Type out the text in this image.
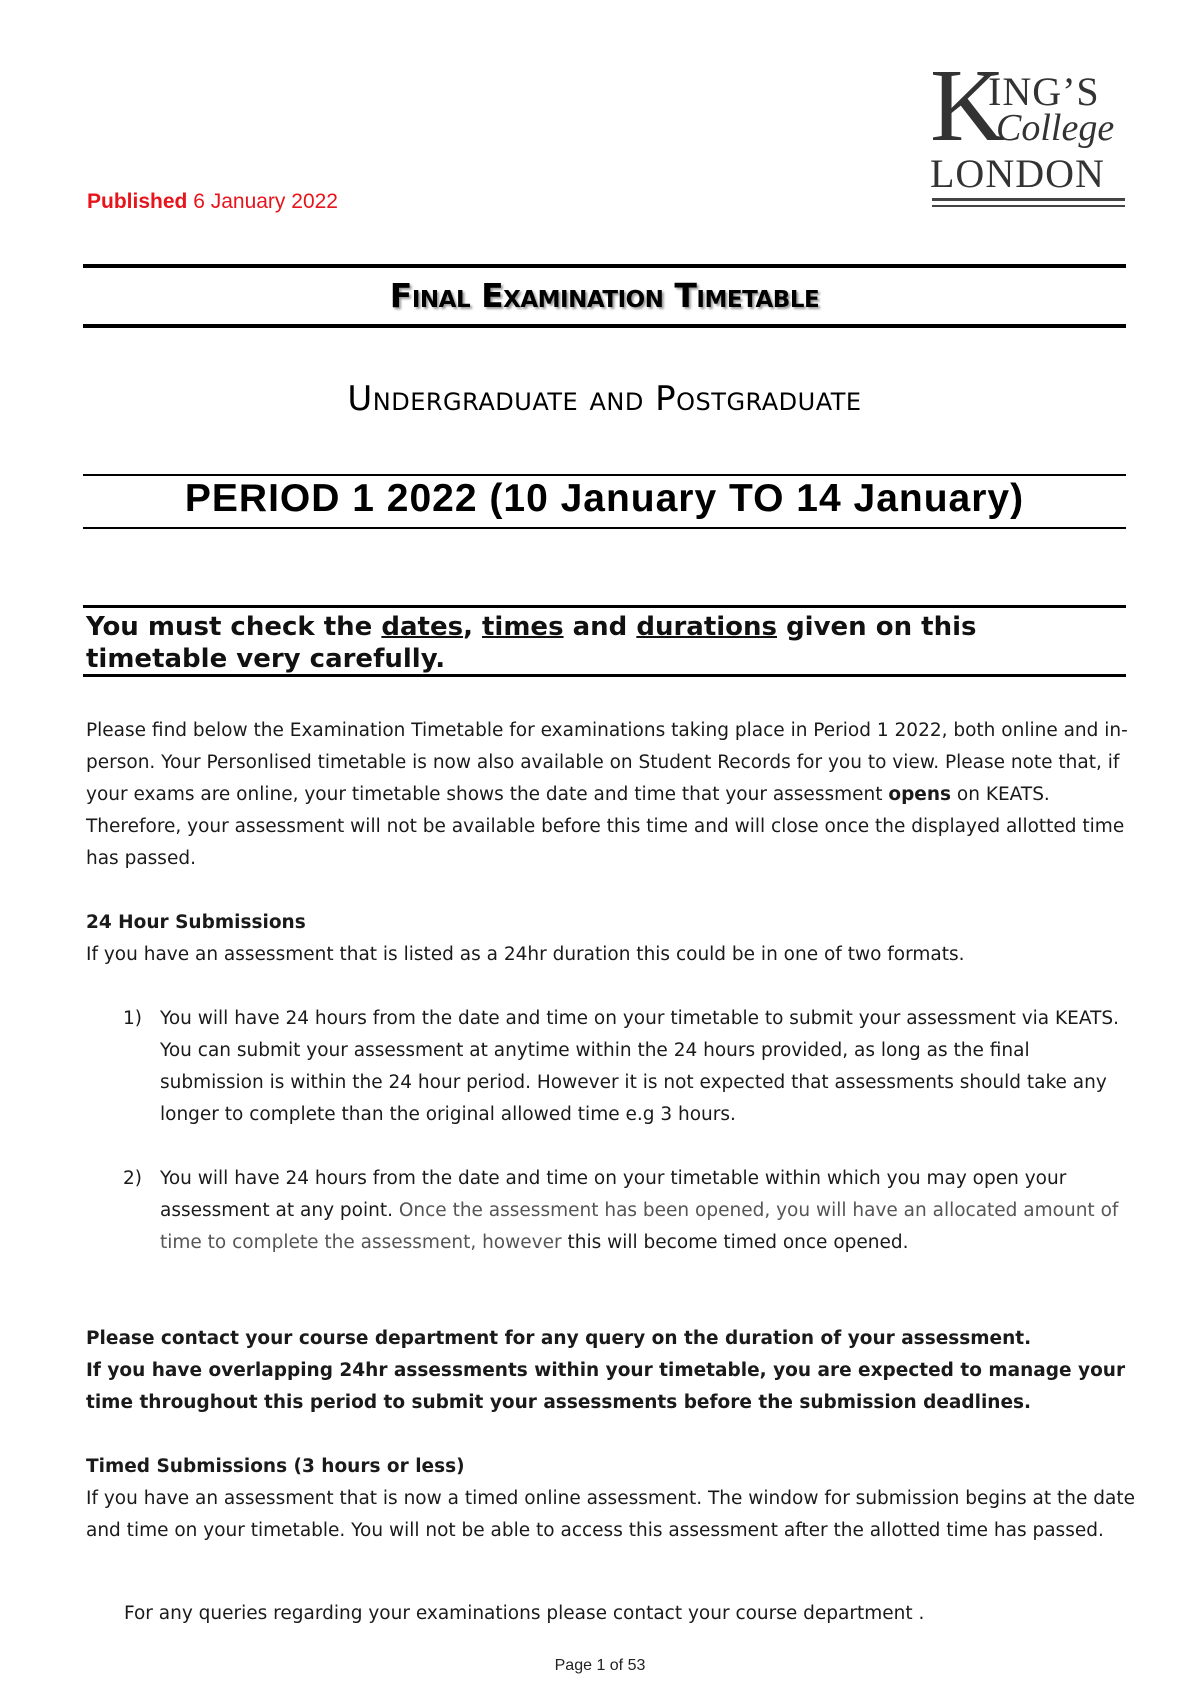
K
ING’S
College
LONDON
Published 6 January 2022
Final Examination Timetable
Undergraduate and Postgraduate
PERIOD 1 2022 (10 January TO 14 January)
You must check the dates, times and durations given on this timetable very carefully.
Please find below the Examination Timetable for examinations taking place in Period 1 2022, both online and in-person. Your Personlised timetable is now also available on Student Records for you to view. Please note that, if your exams are online, your timetable shows the date and time that your assessment opens on KEATS. Therefore, your assessment will not be available before this time and will close once the displayed allotted time has passed.
24 Hour Submissions
If you have an assessment that is listed as a 24hr duration this could be in one of two formats.
1) You will have 24 hours from the date and time on your timetable to submit your assessment via KEATS. You can submit your assessment at anytime within the 24 hours provided, as long as the final submission is within the 24 hour period. However it is not expected that assessments should take any longer to complete than the original allowed time e.g 3 hours.
2) You will have 24 hours from the date and time on your timetable within which you may open your assessment at any point. Once the assessment has been opened, you will have an allocated amount of time to complete the assessment, however this will become timed once opened.
Please contact your course department for any query on the duration of your assessment.
If you have overlapping 24hr assessments within your timetable, you are expected to manage your time throughout this period to submit your assessments before the submission deadlines.
Timed Submissions (3 hours or less)
If you have an assessment that is now a timed online assessment. The window for submission begins at the date and time on your timetable. You will not be able to access this assessment after the allotted time has passed.
For any queries regarding your examinations please contact your course department .
Page 1 of 53
